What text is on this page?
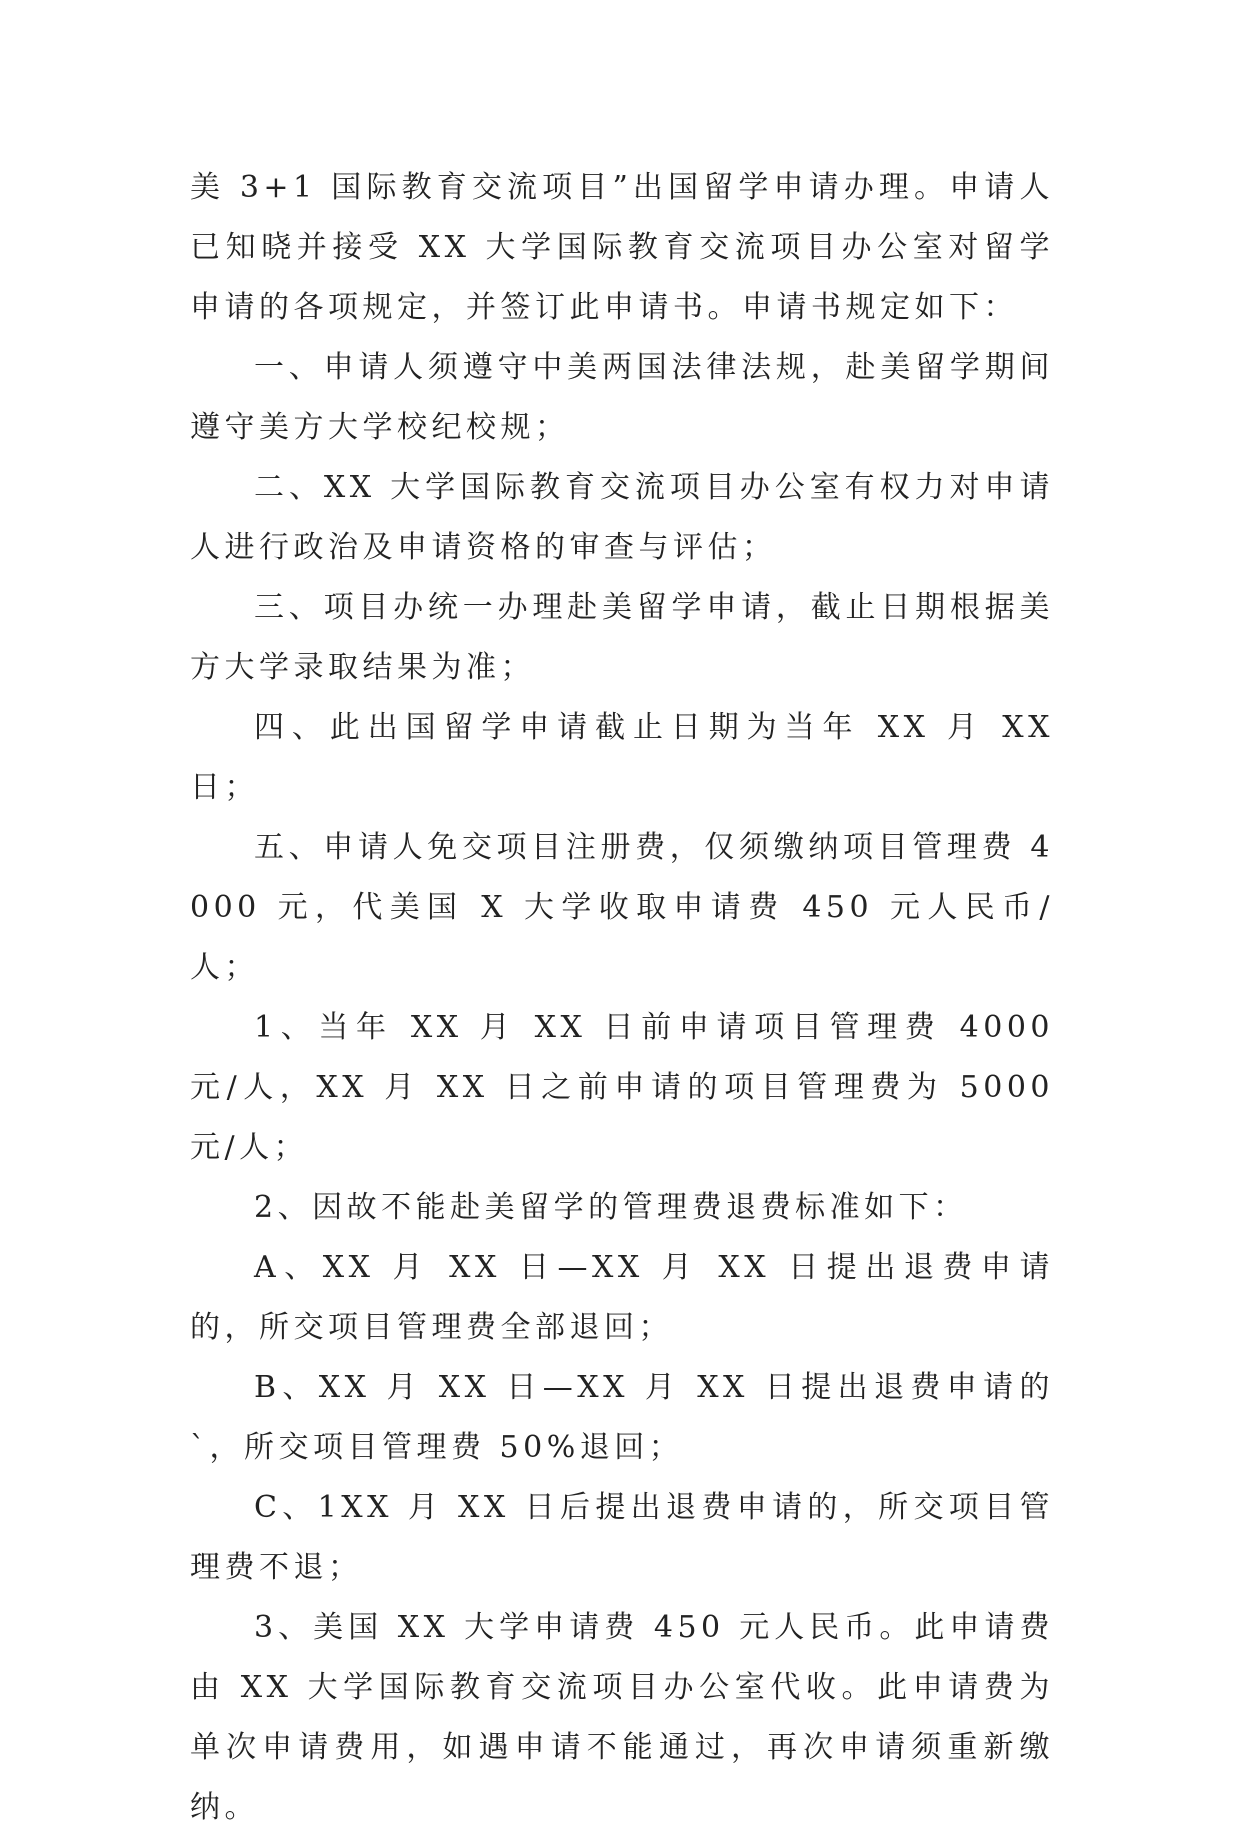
美 3+1 国际教育交流项目”出国留学申请办理。申请人已知晓并接受 XX 大学国际教育交流项目办公室对留学申请的各项规定，并签订此申请书。申请书规定如下：

一、申请人须遵守中美两国法律法规，赴美留学期间遵守美方大学校纪校规；

二、XX 大学国际教育交流项目办公室有权力对申请人进行政治及申请资格的审查与评估；

三、项目办统一办理赴美留学申请，截止日期根据美方大学录取结果为准；

四、此出国留学申请截止日期为当年 XX 月 XX 日；

五、申请人免交项目注册费，仅须缴纳项目管理费 4000 元，代美国 X 大学收取申请费 450 元人民币/人；

1、当年 XX 月 XX 日前申请项目管理费 4000 元/人，XX 月 XX 日之前申请的项目管理费为 5000 元/人；

2、因故不能赴美留学的管理费退费标准如下：

A、XX 月 XX 日—XX 月 XX 日提出退费申请的，所交项目管理费全部退回；

B、XX 月 XX 日—XX 月 XX 日提出退费申请的`，所交项目管理费 50%退回；

C、1XX 月 XX 日后提出退费申请的，所交项目管理费不退；

3、美国 XX 大学申请费 450 元人民币。此申请费由 XX 大学国际教育交流项目办公室代收。此申请费为单次申请费用，如遇申请不能通过，再次申请须重新缴纳。
